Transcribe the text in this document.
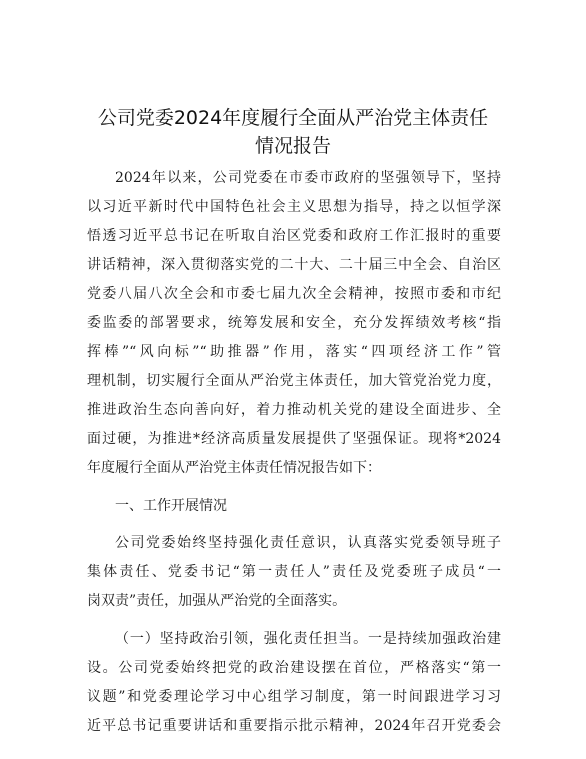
公司党委2024年度履行全面从严治党主体责任
情况报告
2024年以来，公司党委在市委市政府的坚强领导下，坚持
以习近平新时代中国特色社会主义思想为指导，持之以恒学深
悟透习近平总书记在听取自治区党委和政府工作汇报时的重要
讲话精神，深入贯彻落实党的二十大、二十届三中全会、自治区
党委八届八次全会和市委七届九次全会精神，按照市委和市纪
委监委的部署要求，统筹发展和安全，充分发挥绩效考核“指
挥棒”“风向标”“助推器”作用，落实“四项经济工作”管
理机制，切实履行全面从严治党主体责任，加大管党治党力度，
推进政治生态向善向好，着力推动机关党的建设全面进步、全
面过硬，为推进*经济高质量发展提供了坚强保证。现将*2024
年度履行全面从严治党主体责任情况报告如下：
一、工作开展情况
公司党委始终坚持强化责任意识，认真落实党委领导班子
集体责任、党委书记“第一责任人”责任及党委班子成员“一
岗双责”责任，加强从严治党的全面落实。
（一）坚持政治引领，强化责任担当。一是持续加强政治建
设。公司党委始终把党的政治建设摆在首位，严格落实“第一
议题”和党委理论学习中心组学习制度，第一时间跟进学习习
近平总书记重要讲话和重要指示批示精神，2024年召开党委会
